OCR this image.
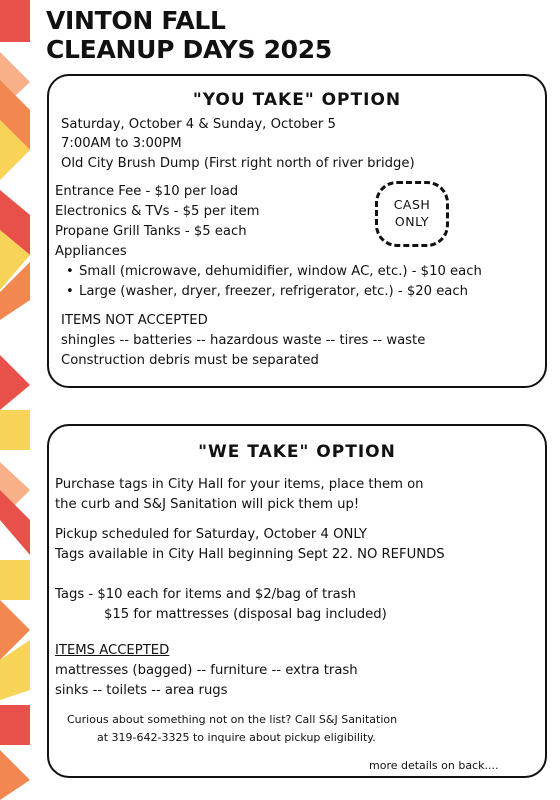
VINTON FALL
CLEANUP DAYS 2025
"YOU TAKE" OPTION
Saturday, October 4 & Sunday, October 5
7:00AM to 3:00PM
Old City Brush Dump (First right north of river bridge)
Entrance Fee - $10 per load
Electronics & TVs - $5 per item
Propane Grill Tanks - $5 each
Appliances
• Small (microwave, dehumidifier, window AC, etc.) - $10 each
• Large (washer, dryer, freezer, refrigerator, etc.) - $20 each
CASH
ONLY
ITEMS NOT ACCEPTED
shingles -- batteries -- hazardous waste -- tires -- waste
Construction debris must be separated
"WE TAKE" OPTION
Purchase tags in City Hall for your items, place them on
the curb and S&J Sanitation will pick them up!
Pickup scheduled for Saturday, October 4 ONLY
Tags available in City Hall beginning Sept 22. NO REFUNDS
Tags - $10 each for items and $2/bag of trash
$15 for mattresses (disposal bag included)
ITEMS ACCEPTED
mattresses (bagged) -- furniture -- extra trash
sinks -- toilets -- area rugs
Curious about something not on the list? Call S&J Sanitation
at 319-642-3325 to inquire about pickup eligibility.
more details on back....
